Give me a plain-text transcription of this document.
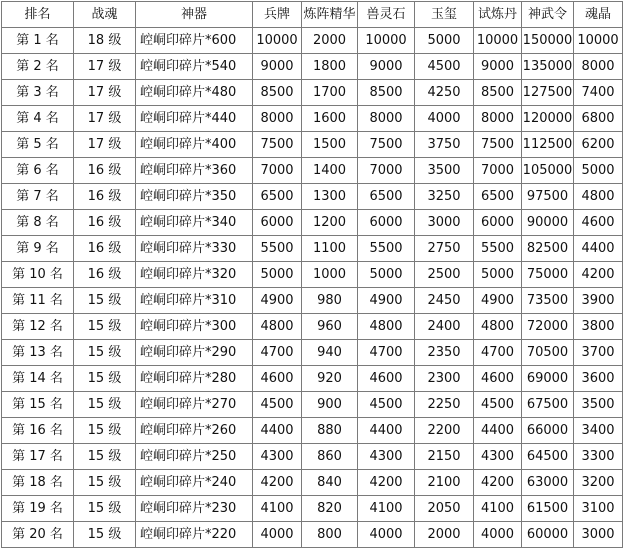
排名	战魂	神器	兵牌	炼阵精华	兽灵石	玉玺	试炼丹	神武令	魂晶
第 1 名	18 级	崆峒印碎片*600	10000	2000	10000	5000	10000	150000	10000
第 2 名	17 级	崆峒印碎片*540	9000	1800	9000	4500	9000	135000	8000
第 3 名	17 级	崆峒印碎片*480	8500	1700	8500	4250	8500	127500	7400
第 4 名	17 级	崆峒印碎片*440	8000	1600	8000	4000	8000	120000	6800
第 5 名	17 级	崆峒印碎片*400	7500	1500	7500	3750	7500	112500	6200
第 6 名	16 级	崆峒印碎片*360	7000	1400	7000	3500	7000	105000	5000
第 7 名	16 级	崆峒印碎片*350	6500	1300	6500	3250	6500	97500	4800
第 8 名	16 级	崆峒印碎片*340	6000	1200	6000	3000	6000	90000	4600
第 9 名	16 级	崆峒印碎片*330	5500	1100	5500	2750	5500	82500	4400
第 10 名	16 级	崆峒印碎片*320	5000	1000	5000	2500	5000	75000	4200
第 11 名	15 级	崆峒印碎片*310	4900	980	4900	2450	4900	73500	3900
第 12 名	15 级	崆峒印碎片*300	4800	960	4800	2400	4800	72000	3800
第 13 名	15 级	崆峒印碎片*290	4700	940	4700	2350	4700	70500	3700
第 14 名	15 级	崆峒印碎片*280	4600	920	4600	2300	4600	69000	3600
第 15 名	15 级	崆峒印碎片*270	4500	900	4500	2250	4500	67500	3500
第 16 名	15 级	崆峒印碎片*260	4400	880	4400	2200	4400	66000	3400
第 17 名	15 级	崆峒印碎片*250	4300	860	4300	2150	4300	64500	3300
第 18 名	15 级	崆峒印碎片*240	4200	840	4200	2100	4200	63000	3200
第 19 名	15 级	崆峒印碎片*230	4100	820	4100	2050	4100	61500	3100
第 20 名	15 级	崆峒印碎片*220	4000	800	4000	2000	4000	60000	3000
